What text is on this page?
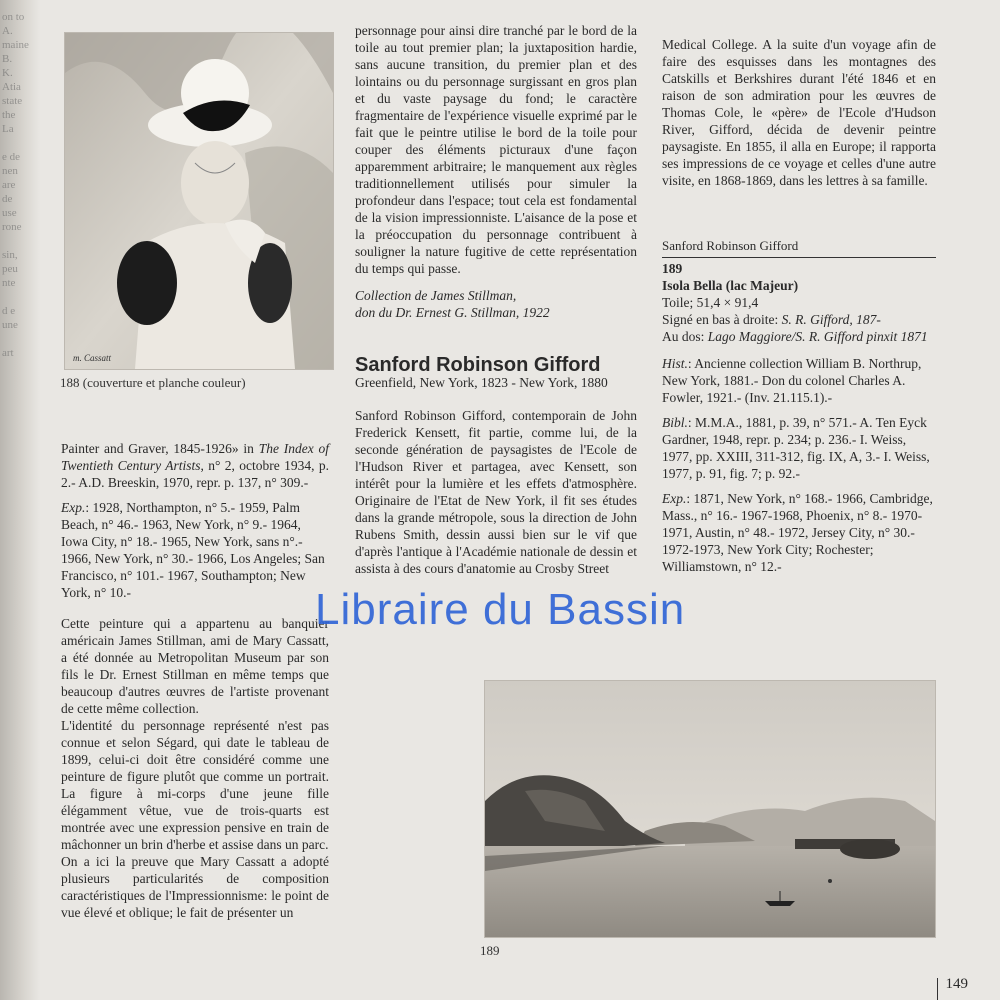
on to
A.
maine
B.
K.
Atia
state
the
La

e de
nen
are
de
use
rone

sin,
peu
nte

d e
une

art	m. Cassatt
188 (couverture et planche couleur)

Painter and Graver, 1845-1926» in The Index of Twentieth Century Artists, n° 2, octobre 1934, p. 2.- A.D. Breeskin, 1970, repr. p. 137, n° 309.-

Exp.: 1928, Northampton, n° 5.- 1959, Palm Beach, n° 46.- 1963, New York, n° 9.- 1964, Iowa City, n° 18.- 1965, New York, sans n°.- 1966, New York, n° 30.- 1966, Los Angeles; San Francisco, n° 101.- 1967, Southampton; New York, n° 10.-

Cette peinture qui a appartenu au banquier américain James Stillman, ami de Mary Cassatt, a été donnée au Metropolitan Museum par son fils le Dr. Ernest Stillman en même temps que beaucoup d'autres œuvres de l'artiste provenant de cette même collection.

L'identité du personnage représenté n'est pas connue et selon Ségard, qui date le tableau de 1899, celui-ci doit être considéré comme une peinture de figure plutôt que comme un portrait. La figure à mi-corps d'une jeune fille élégamment vêtue, vue de trois-quarts est montrée avec une expression pensive en train de mâchonner un brin d'herbe et assise dans un parc.

On a ici la preuve que Mary Cassatt a adopté plusieurs particularités de composition caractéristiques de l'Impressionnisme: le point de vue élevé et oblique; le fait de présenter un

personnage pour ainsi dire tranché par le bord de la toile au tout premier plan; la juxtaposition hardie, sans aucune transition, du premier plan et des lointains ou du personnage surgissant en gros plan et du vaste paysage du fond; le caractère fragmentaire de l'expérience visuelle exprimé par le fait que le peintre utilise le bord de la toile pour couper des éléments picturaux d'une façon apparemment arbitraire; le manquement aux règles traditionnellement utilisés pour simuler la profondeur dans l'espace; tout cela est fondamental de la vision impressionniste. L'aisance de la pose et la préoccupation du personnage contribuent à souligner la nature fugitive de cette représentation du temps qui passe.

Collection de James Stillman,
don du Dr. Ernest G. Stillman, 1922
Sanford Robinson Gifford
Greenfield, New York, 1823 - New York, 1880

Sanford Robinson Gifford, contemporain de John Frederick Kensett, fit partie, comme lui, de la seconde génération de paysagistes de l'Ecole de l'Hudson River et partagea, avec Kensett, son intérêt pour la lumière et les effets d'atmosphère. Originaire de l'Etat de New York, il fit ses études dans la grande métropole, sous la direction de John Rubens Smith, dessin aussi bien sur le vif que d'après l'antique à l'Académie nationale de dessin et assista à des cours d'anatomie au Crosby Street

Medical College. A la suite d'un voyage afin de faire des esquisses dans les montagnes des Catskills et Berkshires durant l'été 1846 et en raison de son admiration pour les œuvres de Thomas Cole, le «père» de l'Ecole d'Hudson River, Gifford, décida de devenir peintre paysagiste. En 1855, il alla en Europe; il rapporta ses impressions de ce voyage et celles d'une autre visite, en 1868-1869, dans les lettres à sa famille.

Sanford Robinson Gifford
189
Isola Bella (lac Majeur)
Toile; 51,4 × 91,4
Signé en bas à droite: S. R. Gifford, 187-
Au dos: Lago Maggiore/S. R. Gifford pinxit 1871

Hist.: Ancienne collection William B. Northrup, New York, 1881.- Don du colonel Charles A. Fowler, 1921.- (Inv. 21.115.1).-

Bibl.: M.M.A., 1881, p. 39, n° 571.- A. Ten Eyck Gardner, 1948, repr. p. 234; p. 236.- I. Weiss, 1977, pp. XXIII, 311-312, fig. IX, A, 3.- I. Weiss, 1977, p. 91, fig. 7; p. 92.-

Exp.: 1871, New York, n° 168.- 1966, Cambridge, Mass., n° 16.- 1967-1968, Phoenix, n° 8.- 1970-1971, Austin, n° 48.- 1972, Jersey City, n° 30.- 1972-1973, New York City; Rochester; Williamstown, n° 12.-

189
149
Libraire du Bassin
